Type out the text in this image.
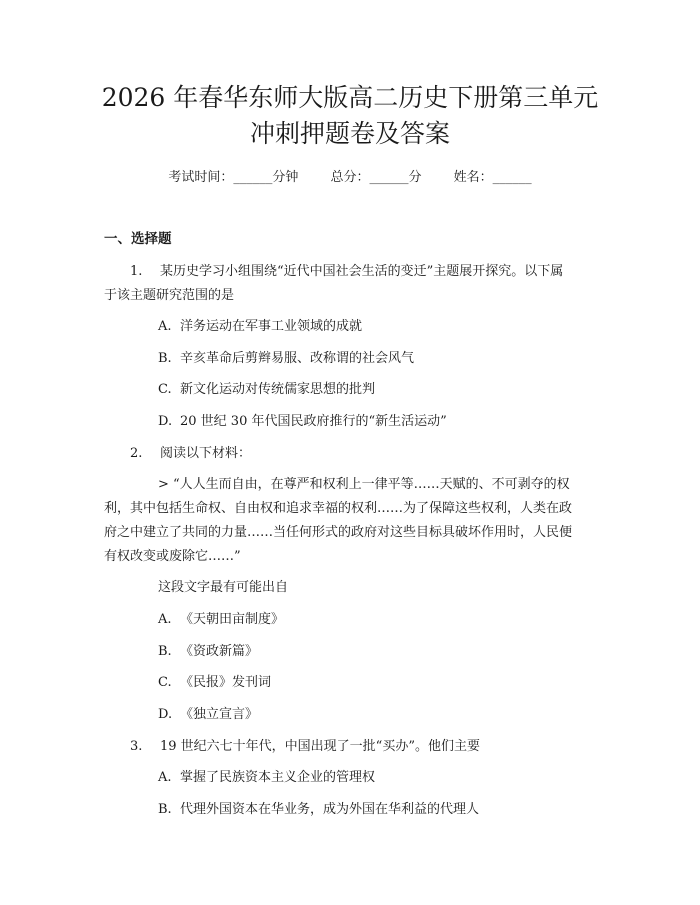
2026 年春华东师大版高二历史下册第三单元
冲刺押题卷及答案
考试时间：______分钟 总分：______分 姓名：______
一、选择题
1. 某历史学习小组围绕“近代中国社会生活的变迁”主题展开探究。以下属
于该主题研究范围的是
A. 洋务运动在军事工业领域的成就
B. 辛亥革命后剪辫易服、改称谓的社会风气
C. 新文化运动对传统儒家思想的批判
D. 20 世纪 30 年代国民政府推行的“新生活运动”
2. 阅读以下材料：
> “人人生而自由，在尊严和权利上一律平等……天赋的、不可剥夺的权
利，其中包括生命权、自由权和追求幸福的权利……为了保障这些权利，人类在政
府之中建立了共同的力量……当任何形式的政府对这些目标具破坏作用时，人民便
有权改变或废除它……”
这段文字最有可能出自
A. 《天朝田亩制度》
B. 《资政新篇》
C. 《民报》发刊词
D. 《独立宣言》
3. 19 世纪六七十年代，中国出现了一批“买办”。他们主要
A. 掌握了民族资本主义企业的管理权
B. 代理外国资本在华业务，成为外国在华利益的代理人
